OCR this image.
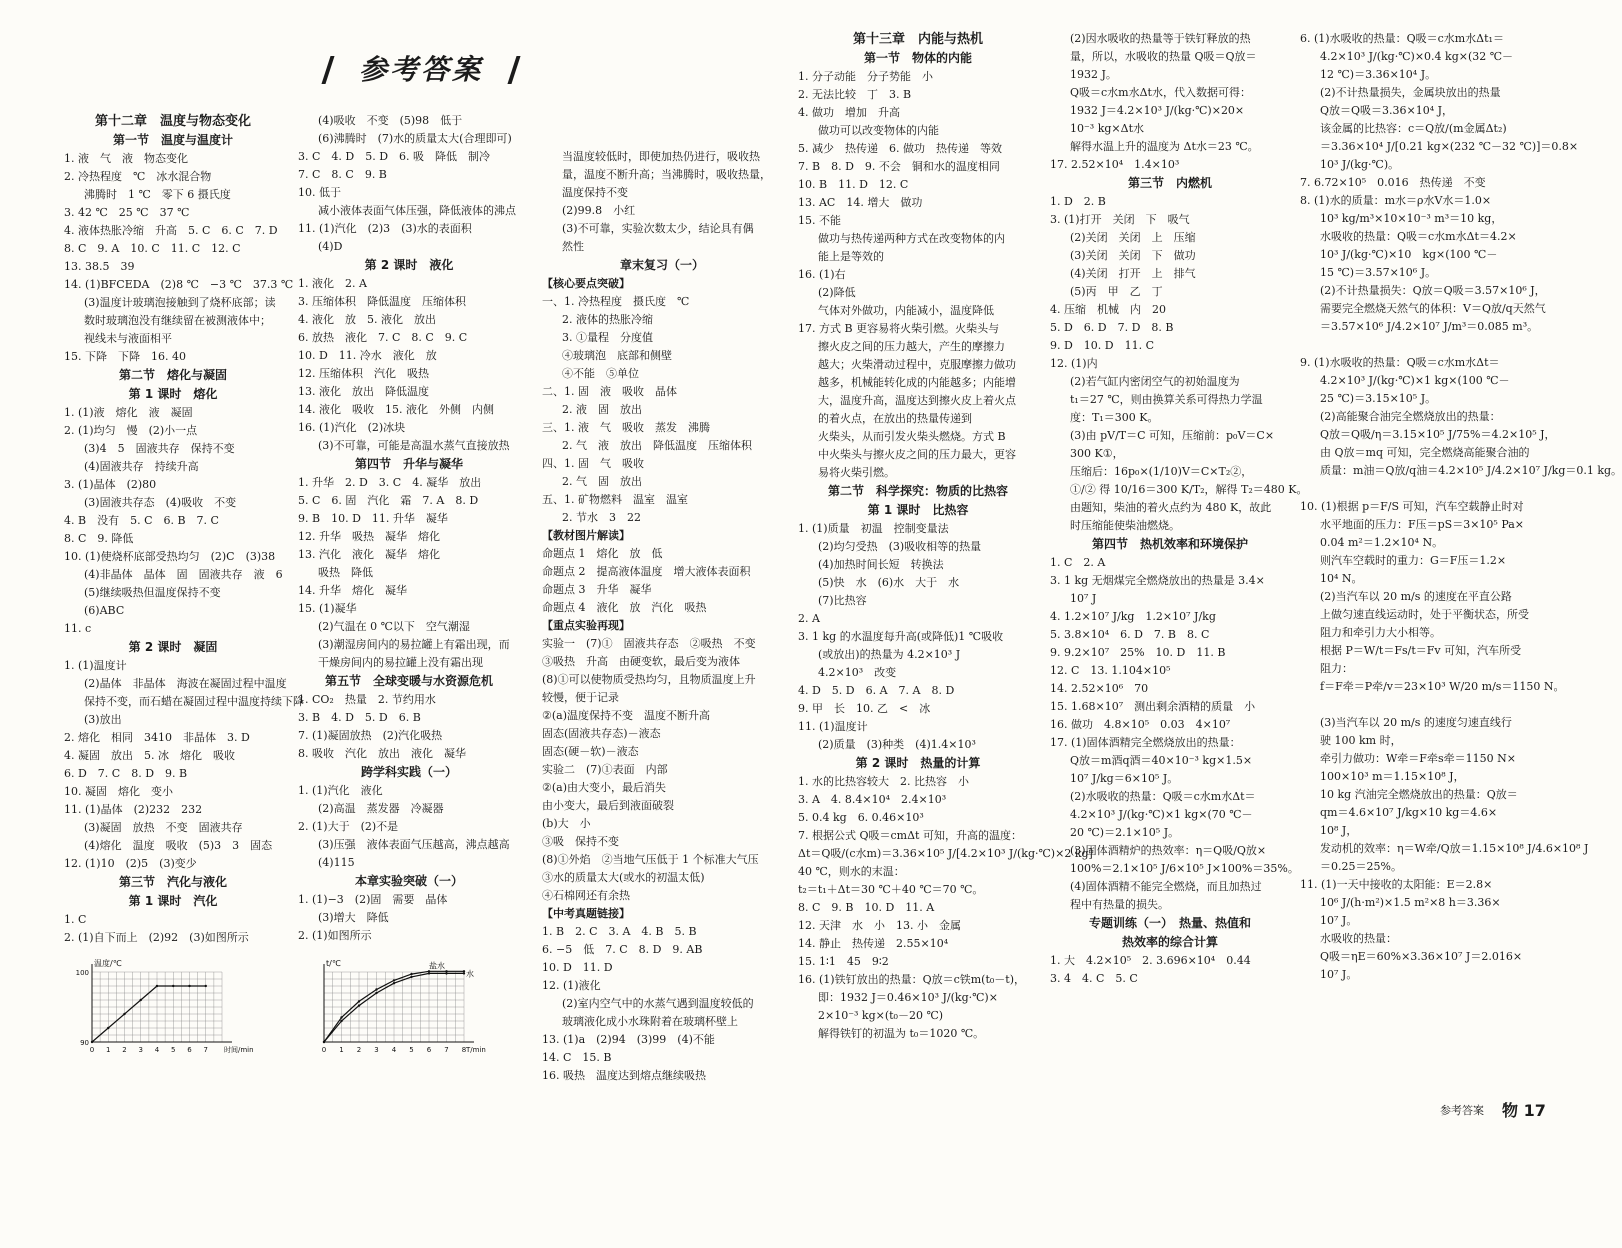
参考答案
第十二章　温度与物态变化
第一节　温度与温度计
1. 液　气　液　物态变化
2. 冷热程度　℃　冰水混合物
沸腾时　1 ℃　零下 6 摄氏度
3. 42 ℃　25 ℃　37 ℃
4. 液体热胀冷缩　升高　5. C　6. C　7. D
8. C　9. A　10. C　11. C　12. C
13. 38.5　39
14. (1)BFCEDA　(2)8 ℃　−3 ℃　37.3 ℃
(3)温度计玻璃泡接触到了烧杯底部；读
数时玻璃泡没有继续留在被测液体中；
视线未与液面相平
15. 下降　下降　16. 40
第二节　熔化与凝固
第 1 课时　熔化
1. (1)液　熔化　液　凝固
2. (1)均匀　慢　(2)小一点
(3)4　5　固液共存　保持不变
(4)固液共存　持续升高
3. (1)晶体　(2)80
(3)固液共存态　(4)吸收　不变
4. B　没有　5. C　6. B　7. C
8. C　9. 降低
10. (1)使烧杯底部受热均匀　(2)C　(3)38
(4)非晶体　晶体　固　固液共存　液　6
(5)继续吸热但温度保持不变
(6)ABC
11. c
第 2 课时　凝固
1. (1)温度计
(2)晶体　非晶体　海波在凝固过程中温度
保持不变，而石蜡在凝固过程中温度持续下降
(3)放出
2. 熔化　相同　3410　非晶体　3. D
4. 凝固　放出　5. 冰　熔化　吸收
6. D　7. C　8. D　9. B
10. 凝固　熔化　变小
11. (1)晶体　(2)232　232
(3)凝固　放热　不变　固液共存
(4)熔化　温度　吸收　(5)3　3　固态
12. (1)10　(2)5　(3)变少
第三节　汽化与液化
第 1 课时　汽化
1. C
2. (1)自下而上　(2)92　(3)如图所示
(4)吸收　不变　(5)98　低于
(6)沸腾时　(7)水的质量太大(合理即可)
3. C　4. D　5. D　6. 吸　降低　制冷
7. C　8. C　9. B
10. 低于
减小液体表面气体压强，降低液体的沸点
11. (1)汽化　(2)3　(3)水的表面积
(4)D
第 2 课时　液化
1. 液化　2. A
3. 压缩体积　降低温度　压缩体积
4. 液化　放　5. 液化　放出
6. 放热　液化　7. C　8. C　9. C
10. D　11. 冷水　液化　放
12. 压缩体积　汽化　吸热
13. 液化　放出　降低温度
14. 液化　吸收　15. 液化　外侧　内侧
16. (1)汽化　(2)冰块
(3)不可靠，可能是高温水蒸气直接放热
第四节　升华与凝华
1. 升华　2. D　3. C　4. 凝华　放出
5. C　6. 固　汽化　霜　7. A　8. D
9. B　10. D　11. 升华　凝华
12. 升华　吸热　凝华　熔化
13. 汽化　液化　凝华　熔化
吸热　降低
14. 升华　熔化　凝华
15. (1)凝华
(2)气温在 0 ℃以下　空气潮湿
(3)潮湿房间内的易拉罐上有霜出现，而
干燥房间内的易拉罐上没有霜出现
第五节　全球变暖与水资源危机
1. CO₂　热量　2. 节约用水
3. B　4. D　5. D　6. B
7. (1)凝固放热　(2)汽化吸热
8. 吸收　汽化　放出　液化　凝华
跨学科实践（一）
1. (1)汽化　液化
(2)高温　蒸发器　冷凝器
2. (1)大于　(2)不是
(3)压强　液体表面气压越高，沸点越高
(4)115
本章实验突破（一）
1. (1)−3　(2)固　需要　晶体
(3)增大　降低
2. (1)如图所示
当温度较低时，即使加热仍进行，吸收热
量，温度不断升高；当沸腾时，吸收热量，
温度保持不变
(2)99.8　小红
(3)不可靠，实验次数太少，结论具有偶
然性
章末复习（一）
【核心要点突破】
一、1. 冷热程度　摄氏度　℃
2. 液体的热胀冷缩
3. ①量程　分度值
④玻璃泡　底部和侧壁
④不能　⑤单位
二、1. 固　液　吸收　晶体
2. 液　固　放出
三、1. 液　气　吸收　蒸发　沸腾
2. 气　液　放出　降低温度　压缩体积
四、1. 固　气　吸收
2. 气　固　放出
五、1. 矿物燃料　温室　温室
2. 节水　3　22
【教材图片解读】
命题点 1　熔化　放　低
命题点 2　提高液体温度　增大液体表面积
命题点 3　升华　凝华
命题点 4　液化　放　汽化　吸热
【重点实验再现】
实验一　(7)①　固液共存态　②吸热　不变
③吸热　升高　由硬变软，最后变为液体
(8)①可以使物质受热均匀，且物质温度上升
较慢，便于记录
②(a)温度保持不变　温度不断升高
固态(固液共存态)－液态
固态(硬－软)－液态
实验二　(7)①表面　内部
②(a)由大变小，最后消失
由小变大，最后到液面破裂
(b)大　小
③吸　保持不变
(8)①外焰　②当地气压低于 1 个标准大气压
③水的质量太大(或水的初温太低)
④石棉网还有余热
【中考真题链接】
1. B　2. C　3. A　4. B　5. B
6. −5　低　7. C　8. D　9. AB
10. D　11. D
12. (1)液化
(2)室内空气中的水蒸气遇到温度较低的
玻璃液化成小水珠附着在玻璃杯壁上
13. (1)a　(2)94　(3)99　(4)不能
14. C　15. B
16. 吸热　温度达到熔点继续吸热
第十三章　内能与热机
第一节　物体的内能
1. 分子动能　分子势能　小
2. 无法比较　丁　3. B
4. 做功　增加　升高
做功可以改变物体的内能
5. 减少　热传递　6. 做功　热传递　等效
7. B　8. D　9. 不会　铜和水的温度相同
10. B　11. D　12. C
13. AC　14. 增大　做功
15. 不能
做功与热传递两种方式在改变物体的内
能上是等效的
16. (1)右
(2)降低
气体对外做功，内能减小，温度降低
17. 方式 B 更容易将火柴引燃。火柴头与
擦火皮之间的压力越大，产生的摩擦力
越大；火柴滑动过程中，克服摩擦力做功
越多，机械能转化成的内能越多；内能增
大，温度升高，温度达到擦火皮上着火点
的着火点，在放出的热量传递到
火柴头，从而引发火柴头燃烧。方式 B
中火柴头与擦火皮之间的压力最大，更容
易将火柴引燃。
第二节　科学探究：物质的比热容
第 1 课时　比热容
1. (1)质量　初温　控制变量法
(2)均匀受热　(3)吸收相等的热量
(4)加热时间长短　转换法
(5)快　水　(6)水　大于　水
(7)比热容
2. A
3. 1 kg 的水温度每升高(或降低)1 ℃吸收
(或放出)的热量为 4.2×10³ J
4.2×10³　改变
4. D　5. D　6. A　7. A　8. D
9. 甲　长　10. 乙　<　冰
11. (1)温度计
(2)质量　(3)种类　(4)1.4×10³
第 2 课时　热量的计算
1. 水的比热容较大　2. 比热容　小
3. A　4. 8.4×10⁴　2.4×10³
5. 0.4 kg　6. 0.46×10³
7. 根据公式 Q吸＝cmΔt 可知，升高的温度：
Δt＝Q吸/(c水m)＝3.36×10⁵ J/[4.2×10³ J/(kg·℃)×2 kg]
40 ℃，则水的末温：
t₂＝t₁＋Δt＝30 ℃＋40 ℃＝70 ℃。
8. C　9. B　10. D　11. A
12. 天津　水　小　13. 小　金属
14. 静止　热传递　2.55×10⁴
15. 1∶1　45　9∶2
16. (1)铁钉放出的热量：Q放＝c铁m(t₀－t)，
即：1932 J＝0.46×10³ J/(kg·℃)×
2×10⁻³ kg×(t₀－20 ℃)
解得铁钉的初温为 t₀＝1020 ℃。
(2)因水吸收的热量等于铁钉释放的热
量，所以，水吸收的热量 Q吸＝Q放＝
1932 J。
Q吸＝c水m水Δt水，代入数据可得：
1932 J＝4.2×10³ J/(kg·℃)×20×
10⁻³ kg×Δt水
解得水温上升的温度为 Δt水＝23 ℃。
17. 2.52×10⁴　1.4×10³
第三节　内燃机
1. D　2. B
3. (1)打开　关闭　下　吸气
(2)关闭　关闭　上　压缩
(3)关闭　关闭　下　做功
(4)关闭　打开　上　排气
(5)丙　甲　乙　丁
4. 压缩　机械　内　20
5. D　6. D　7. D　8. B
9. D　10. D　11. C
12. (1)内
(2)若气缸内密闭空气的初始温度为
t₁＝27 ℃，则由换算关系可得热力学温
度：T₁＝300 K。
(3)由 pV/T＝C 可知，压缩前：p₀V＝C×
300 K①，
压缩后：16p₀×(1/10)V＝C×T₂②，
①/② 得 10/16＝300 K/T₂，解得 T₂＝480 K。
由题知，柴油的着火点约为 480 K，故此
时压缩能使柴油燃烧。
第四节　热机效率和环境保护
1. C　2. A
3. 1 kg 无烟煤完全燃烧放出的热量是 3.4×
10⁷ J
4. 1.2×10⁷ J/kg　1.2×10⁷ J/kg
5. 3.8×10⁴　6. D　7. B　8. C
9. 9.2×10⁷　25%　10. D　11. B
12. C　13. 1.104×10⁵
14. 2.52×10⁶　70
15. 1.68×10⁷　测出剩余酒精的质量　小
16. 做功　4.8×10⁵　0.03　4×10⁷
17. (1)固体酒精完全燃烧放出的热量：
Q放＝m酒q酒＝40×10⁻³ kg×1.5×
10⁷ J/kg＝6×10⁵ J。
(2)水吸收的热量：Q吸＝c水m水Δt＝
4.2×10³ J/(kg·℃)×1 kg×(70 ℃－
20 ℃)＝2.1×10⁵ J。
(3)固体酒精炉的热效率：η＝Q吸/Q放×
100%＝2.1×10⁵ J/6×10⁵ J×100%＝35%。
(4)固体酒精不能完全燃烧，而且加热过
程中有热量的损失。
专题训练（一）　热量、热值和
热效率的综合计算
1. 大　4.2×10⁵　2. 3.696×10⁴　0.44
3. 4　4. C　5. C
6. (1)水吸收的热量：Q吸＝c水m水Δt₁＝
4.2×10³ J/(kg·℃)×0.4 kg×(32 ℃－
12 ℃)＝3.36×10⁴ J。
(2)不计热量损失，金属块放出的热量
Q放＝Q吸＝3.36×10⁴ J，
该金属的比热容：c＝Q放/(m金属Δt₂)
＝3.36×10⁴ J/[0.21 kg×(232 ℃－32 ℃)]＝0.8×
10³ J/(kg·℃)。
7. 6.72×10⁵　0.016　热传递　不变
8. (1)水的质量：m水＝ρ水V水＝1.0×
10³ kg/m³×10×10⁻³ m³＝10 kg，
水吸收的热量：Q吸＝c水m水Δt＝4.2×
10³ J/(kg·℃)×10　kg×(100 ℃－
15 ℃)＝3.57×10⁶ J。
(2)不计热量损失：Q放＝Q吸＝3.57×10⁶ J，
需要完全燃烧天然气的体积：V＝Q放/q天然气
＝3.57×10⁶ J/4.2×10⁷ J/m³＝0.085 m³。
9. (1)水吸收的热量：Q吸＝c水m水Δt＝
4.2×10³ J/(kg·℃)×1 kg×(100 ℃－
25 ℃)＝3.15×10⁵ J。
(2)高能聚合油完全燃烧放出的热量：
Q放＝Q吸/η＝3.15×10⁵ J/75%＝4.2×10⁵ J，
由 Q放＝mq 可知，完全燃烧高能聚合油的
质量：m油＝Q放/q油＝4.2×10⁵ J/4.2×10⁷ J/kg＝0.1 kg。
10. (1)根据 p＝F/S 可知，汽车空载静止时对
水平地面的压力：F压＝pS＝3×10⁵ Pa×
0.04 m²＝1.2×10⁴ N。
则汽车空载时的重力：G＝F压＝1.2×
10⁴ N。
(2)当汽车以 20 m/s 的速度在平直公路
上做匀速直线运动时，处于平衡状态，所受
阻力和牵引力大小相等。
根据 P＝W/t＝Fs/t＝Fv 可知，汽车所受
阻力：
f＝F牵＝P牵/v＝23×10³ W/20 m/s＝1150 N。
(3)当汽车以 20 m/s 的速度匀速直线行
驶 100 km 时，
牵引力做功：W牵＝F牵s牵＝1150 N×
100×10³ m＝1.15×10⁸ J，
10 kg 汽油完全燃烧放出的热量：Q放＝
qm＝4.6×10⁷ J/kg×10 kg＝4.6×
10⁸ J，
发动机的效率：η＝W牵/Q放＝1.15×10⁸ J/4.6×10⁸ J
＝0.25＝25%。
11. (1)一天中接收的太阳能：E＝2.8×
10⁶ J/(h·m²)×1.5 m²×8 h＝3.36×
10⁷ J。
水吸收的热量：
Q吸＝ηE＝60%×3.36×10⁷ J＝2.016×
10⁷ J。
0 1 2 3 4 5 6 7
90
100
温度/℃
时间/min	0 1 2 3 4 5 6 7 8
t/℃
T/min
盐水
水
参考答案 物 17
